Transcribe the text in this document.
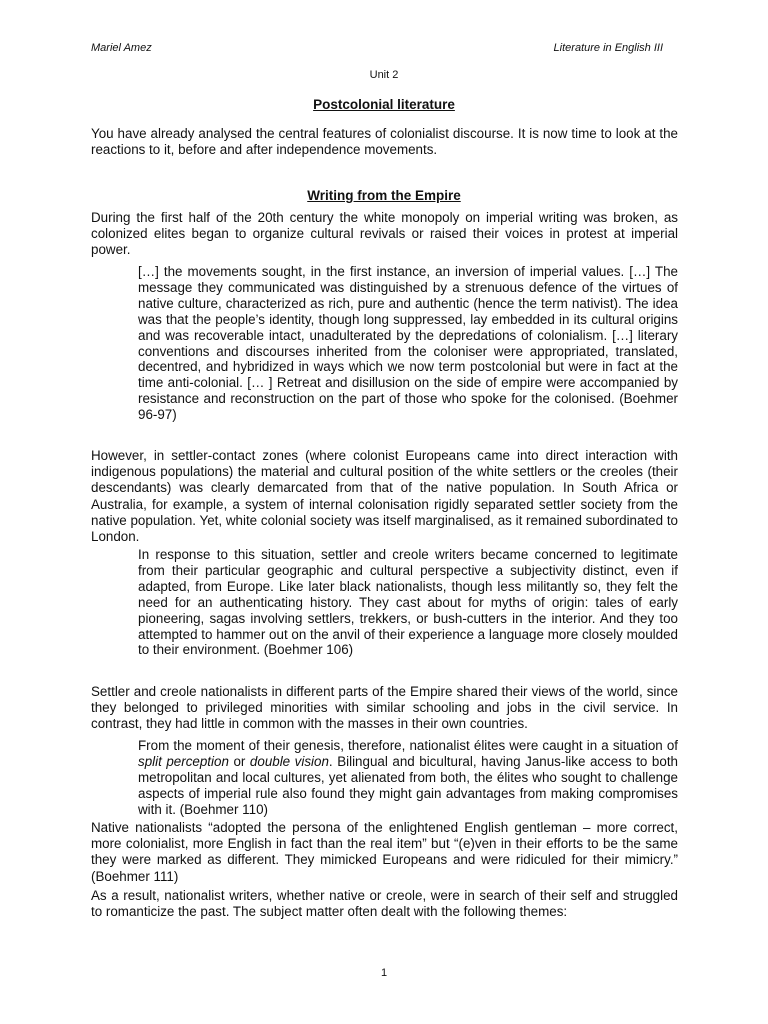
Mariel Amez	Literature in English III
Unit 2
Postcolonial literature
You have already analysed the central features of colonialist discourse. It is now time to look at the reactions to it, before and after independence movements.
Writing from the Empire
During the first half of the 20th century the white monopoly on imperial writing was broken, as colonized elites began to organize cultural revivals or raised their voices in protest at imperial power.
[…] the movements sought, in the first instance, an inversion of imperial values. […] The message they communicated was distinguished by a strenuous defence of the virtues of native culture, characterized as rich, pure and authentic (hence the term nativist). The idea was that the people’s identity, though long suppressed, lay embedded in its cultural origins and was recoverable intact, unadulterated by the depredations of colonialism. […] literary conventions and discourses inherited from the coloniser were appropriated, translated, decentred, and hybridized in ways which we now term postcolonial but were in fact at the time anti-colonial. [… ] Retreat and disillusion on the side of empire were accompanied by resistance and reconstruction on the part of those who spoke for the colonised. (Boehmer 96-97)
However, in settler-contact zones (where colonist Europeans came into direct interaction with indigenous populations) the material and cultural position of the white settlers or the creoles (their descendants) was clearly demarcated from that of the native population. In South Africa or Australia, for example, a system of internal colonisation rigidly separated settler society from the native population. Yet, white colonial society was itself marginalised, as it remained subordinated to London.
In response to this situation, settler and creole writers became concerned to legitimate from their particular geographic and cultural perspective a subjectivity distinct, even if adapted, from Europe. Like later black nationalists, though less militantly so, they felt the need for an authenticating history. They cast about for myths of origin: tales of early pioneering, sagas involving settlers, trekkers, or bush-cutters in the interior. And they too attempted to hammer out on the anvil of their experience a language more closely moulded to their environment. (Boehmer 106)
Settler and creole nationalists in different parts of the Empire shared their views of the world, since they belonged to privileged minorities with similar schooling and jobs in the civil service. In contrast, they had little in common with the masses in their own countries.
From the moment of their genesis, therefore, nationalist élites were caught in a situation of split perception or double vision. Bilingual and bicultural, having Janus-like access to both metropolitan and local cultures, yet alienated from both, the élites who sought to challenge aspects of imperial rule also found they might gain advantages from making compromises with it. (Boehmer 110)
Native nationalists “adopted the persona of the enlightened English gentleman – more correct, more colonialist, more English in fact than the real item” but “(e)ven in their efforts to be the same they were marked as different. They mimicked Europeans and were ridiculed for their mimicry.” (Boehmer 111)
As a result, nationalist writers, whether native or creole, were in search of their self and struggled to romanticize the past. The subject matter often dealt with the following themes:
1
